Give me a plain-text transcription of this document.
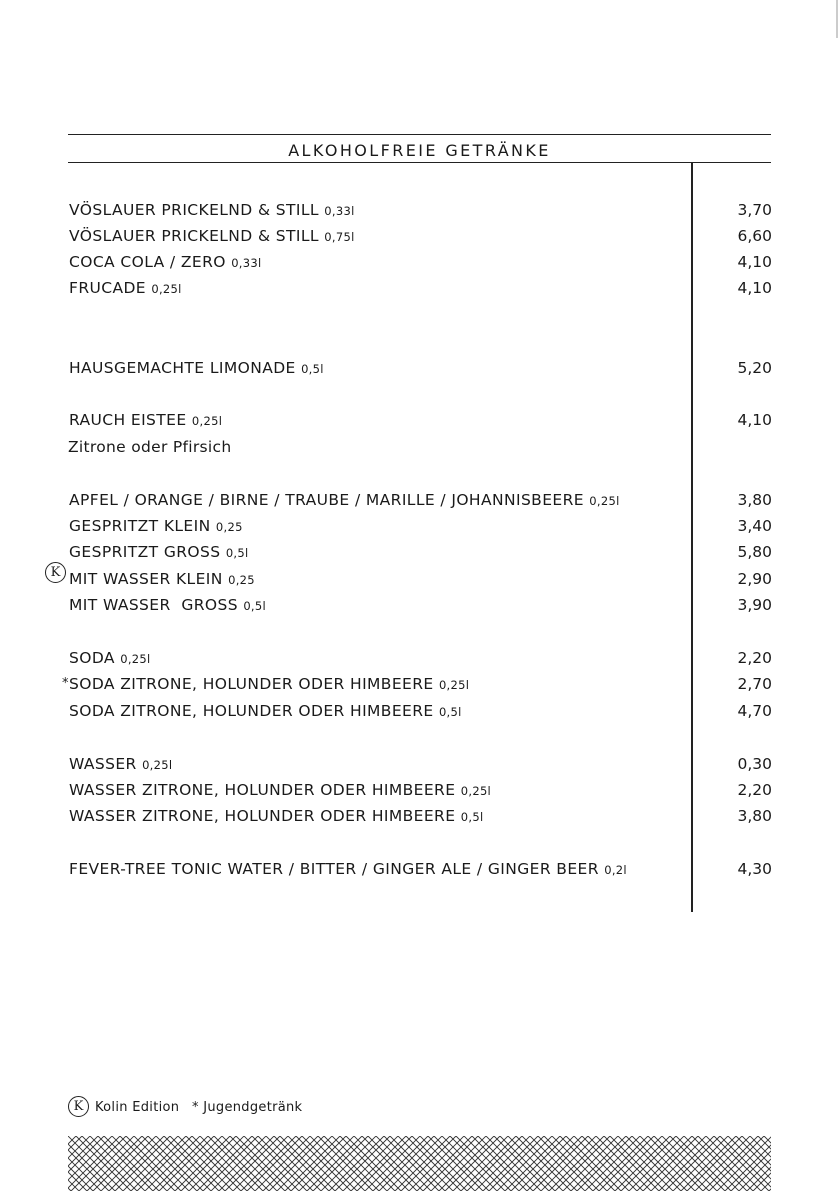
ALKOHOLFREIE GETRÄNKE
VÖSLAUER PRICKELND & STILL 0,33l	3,70
VÖSLAUER PRICKELND & STILL 0,75l	6,60
COCA COLA / ZERO 0,33l	4,10
FRUCADE 0,25l	4,10
HAUSGEMACHTE LIMONADE 0,5l	5,20
RAUCH EISTEE 0,25l	4,10
Zitrone oder Pfirsich
APFEL / ORANGE / BIRNE / TRAUBE / MARILLE / JOHANNISBEERE 0,25l	3,80
GESPRITZT KLEIN 0,25	3,40
GESPRITZT GROSS 0,5l	5,80
MIT WASSER KLEIN 0,25	2,90
K
MIT WASSER  GROSS 0,5l	3,90
SODA 0,25l	2,20
* SODA ZITRONE, HOLUNDER ODER HIMBEERE 0,25l	2,70
SODA ZITRONE, HOLUNDER ODER HIMBEERE 0,5l	4,70
WASSER 0,25l	0,30
WASSER ZITRONE, HOLUNDER ODER HIMBEERE 0,25l	2,20
WASSER ZITRONE, HOLUNDER ODER HIMBEERE 0,5l	3,80
FEVER-TREE TONIC WATER / BITTER / GINGER ALE / GINGER BEER 0,2l	4,30
K Kolin Edition * Jugendgetränk
